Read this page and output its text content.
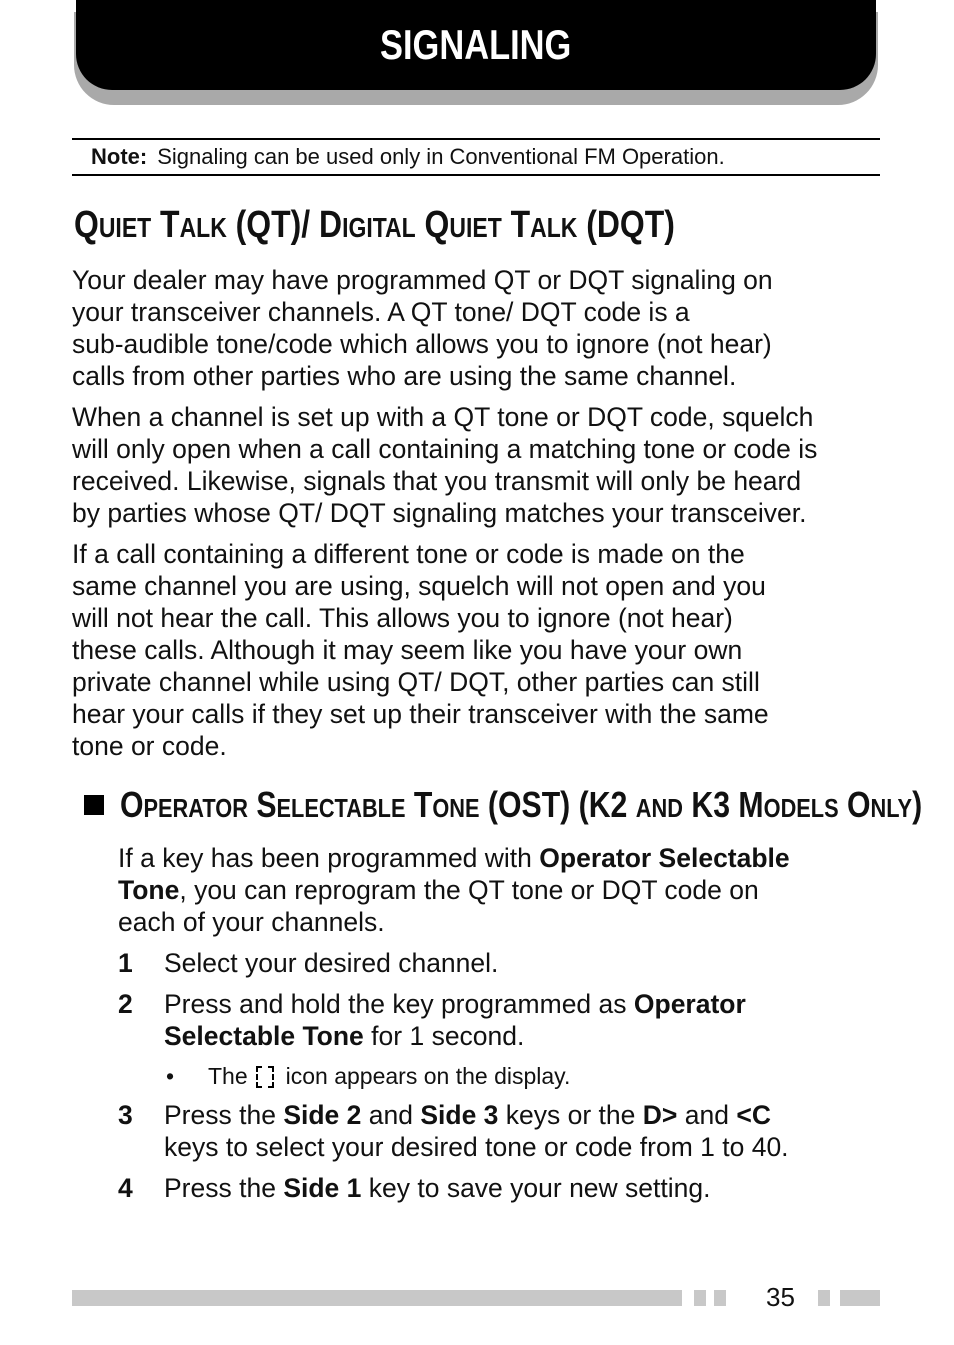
SIGNALING
Note: Signaling can be used only in Conventional FM Operation.
QUIET TALK (QT)/ DIGITAL QUIET TALK (DQT)

Your dealer may have programmed QT or DQT signaling on
your transceiver channels. A QT tone/ DQT code is a
sub-audible tone/code which allows you to ignore (not hear)
calls from other parties who are using the same channel.

When a channel is set up with a QT tone or DQT code, squelch
will only open when a call containing a matching tone or code is
received. Likewise, signals that you transmit will only be heard
by parties whose QT/ DQT signaling matches your transceiver.

If a call containing a different tone or code is made on the
same channel you are using, squelch will not open and you
will not hear the call. This allows you to ignore (not hear)
these calls. Although it may seem like you have your own
private channel while using QT/ DQT, other parties can still
hear your calls if they set up their transceiver with the same
tone or code.

OPERATOR SELECTABLE TONE (OST) (K2 AND K3 MODELS ONLY)

If a key has been programmed with Operator Selectable
Tone, you can reprogram the QT tone or DQT code on
each of your channels.

1 Select your desired channel.
2 Press and hold the key programmed as Operator
Selectable Tone for 1 second.
• The icon appears on the display.
3 Press the Side 2 and Side 3 keys or the D> and <C
keys to select your desired tone or code from 1 to 40.
4 Press the Side 1 key to save your new setting.
35
